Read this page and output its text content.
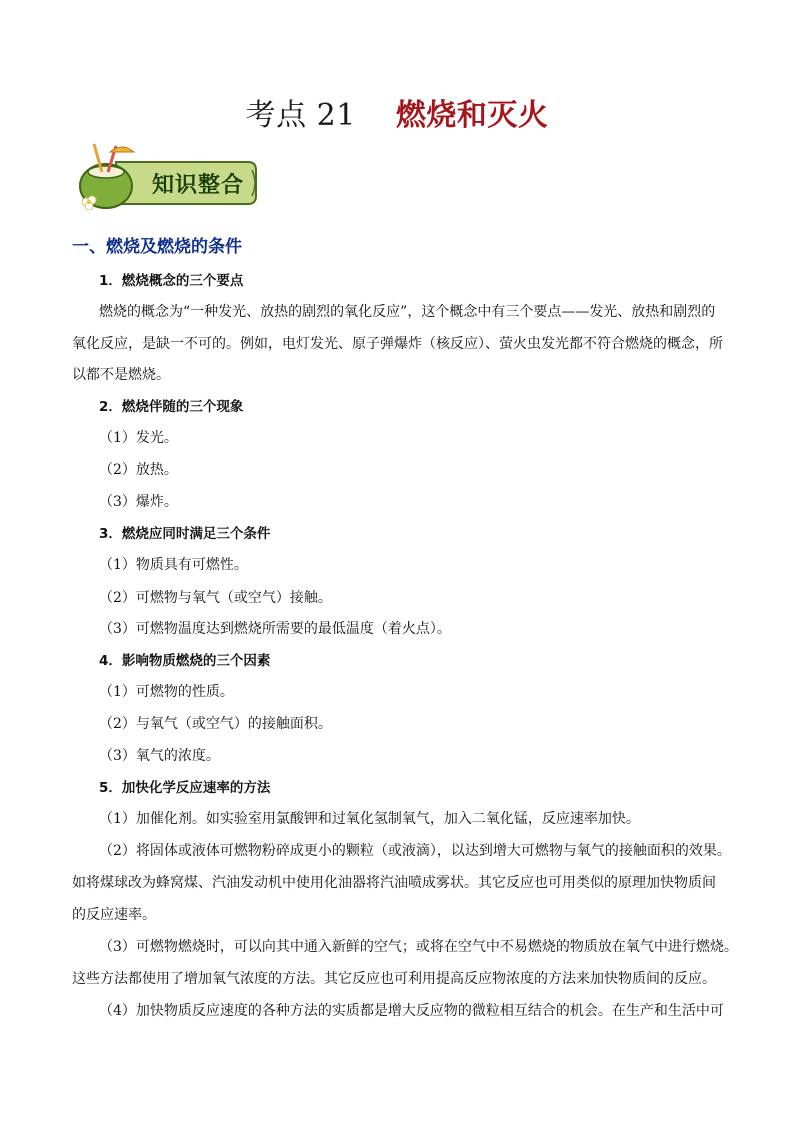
考点 21 燃烧和灭火
知识整合
一、燃烧及燃烧的条件
1．燃烧概念的三个要点
燃烧的概念为“一种发光、放热的剧烈的氧化反应”，这个概念中有三个要点——发光、放热和剧烈的
氧化反应，是缺一不可的。例如，电灯发光、原子弹爆炸（核反应）、萤火虫发光都不符合燃烧的概念，所
以都不是燃烧。
2．燃烧伴随的三个现象
（1）发光。
（2）放热。
（3）爆炸。
3．燃烧应同时满足三个条件
（1）物质具有可燃性。
（2）可燃物与氧气（或空气）接触。
（3）可燃物温度达到燃烧所需要的最低温度（着火点）。
4．影响物质燃烧的三个因素
（1）可燃物的性质。
（2）与氧气（或空气）的接触面积。
（3）氧气的浓度。
5．加快化学反应速率的方法
（1）加催化剂。如实验室用氯酸钾和过氧化氢制氧气，加入二氧化锰，反应速率加快。
（2）将固体或液体可燃物粉碎成更小的颗粒（或液滴），以达到增大可燃物与氧气的接触面积的效果。
如将煤球改为蜂窝煤、汽油发动机中使用化油器将汽油喷成雾状。其它反应也可用类似的原理加快物质间
的反应速率。
（3）可燃物燃烧时，可以向其中通入新鲜的空气；或将在空气中不易燃烧的物质放在氧气中进行燃烧。
这些方法都使用了增加氧气浓度的方法。其它反应也可利用提高反应物浓度的方法来加快物质间的反应。
（4）加快物质反应速度的各种方法的实质都是增大反应物的微粒相互结合的机会。在生产和生活中可
